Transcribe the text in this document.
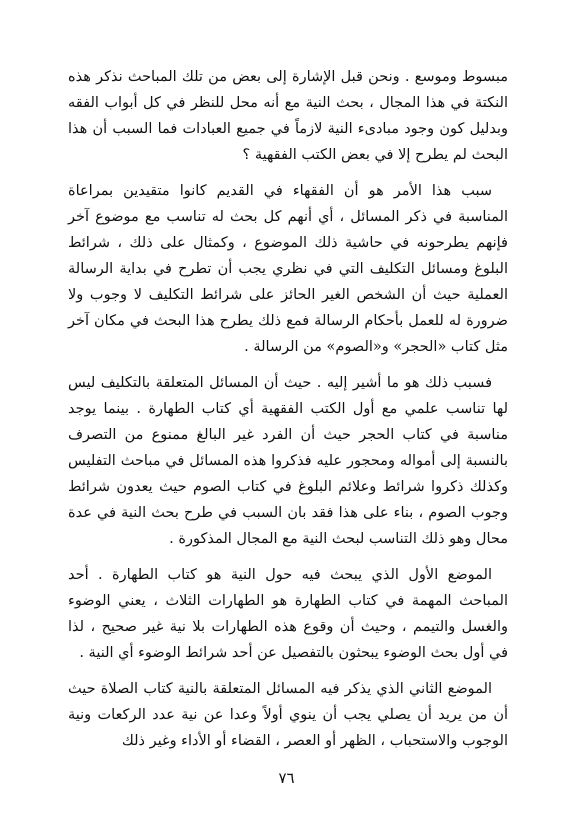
مبسوط وموسع . ونحن قبل الإشارة إلى بعض من تلك المباحث نذكر هذه النكتة في هذا المجال ، بحث النية مع أنه محل للنظر في كل أبواب الفقه وبدليل كون وجود مبادىء النية لازماً في جميع العبادات فما السبب أن هذا البحث لم يطرح إلا في بعض الكتب الفقهية ؟

سبب هذا الأمر هو أن الفقهاء في القديم كانوا متقيدين بمراعاة المناسبة في ذكر المسائل ، أي أنهم كل بحث له تناسب مع موضوع آخر فإنهم يطرحونه في حاشية ذلك الموضوع ، وكمثال على ذلك ، شرائط البلوغ ومسائل التكليف التي في نظري يجب أن تطرح في بداية الرسالة العملية حيث أن الشخص الغير الحائز على شرائط التكليف لا وجوب ولا ضرورة له للعمل بأحكام الرسالة فمع ذلك يطرح هذا البحث في مكان آخر مثل كتاب «الحجر» و«الصوم» من الرسالة .

فسبب ذلك هو ما أشير إليه . حيث أن المسائل المتعلقة بالتكليف ليس لها تناسب علمي مع أول الكتب الفقهية أي كتاب الطهارة . بينما يوجد مناسبة في كتاب الحجر حيث أن الفرد غير البالغ ممنوع من التصرف بالنسبة إلى أمواله ومحجور عليه فذكروا هذه المسائل في مباحث التفليس وكذلك ذكروا شرائط وعلائم البلوغ في كتاب الصوم حيث يعدون شرائط وجوب الصوم ، بناء على هذا فقد بان السبب في طرح بحث النية في عدة محال وهو ذلك التناسب لبحث النية مع المجال المذكورة .

الموضع الأول الذي يبحث فيه حول النية هو كتاب الطهارة . أحد المباحث المهمة في كتاب الطهارة هو الطهارات الثلاث ، يعني الوضوء والغسل والتيمم ، وحيث أن وقوع هذه الطهارات بلا نية غير صحيح ، لذا في أول بحث الوضوء يبحثون بالتفصيل عن أحد شرائط الوضوء أي النية .

الموضع الثاني الذي يذكر فيه المسائل المتعلقة بالنية كتاب الصلاة حيث أن من يريد أن يصلي يجب أن ينوي أولاً وعدا عن نية عدد الركعات ونية الوجوب والاستحباب ، الظهر أو العصر ، القضاء أو الأداء وغير ذلك

٧٦
